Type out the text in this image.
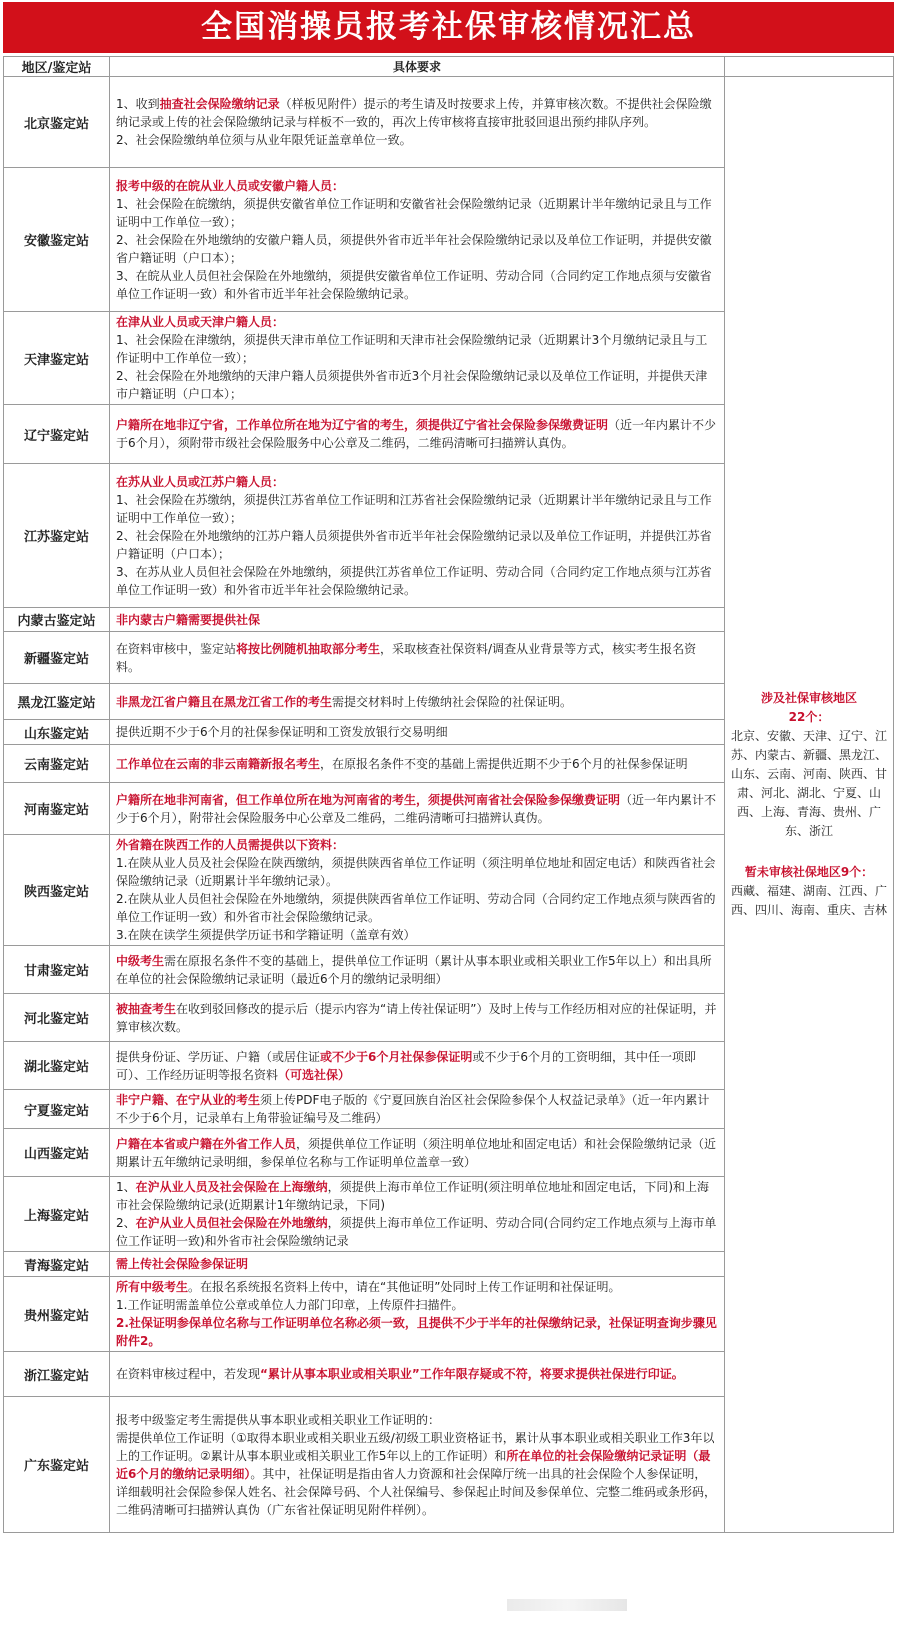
全国消操员报考社保审核情况汇总
地区/鉴定站	具体要求	
北京鉴定站	1、收到抽查社会保险缴纳记录（样板见附件）提示的考生请及时按要求上传，并算审核次数。不提供社会保险缴纳记录或上传的社会保险缴纳记录与样板不一致的，再次上传审核将直接审批驳回退出预约排队序列。
2、社会保险缴纳单位须与从业年限凭证盖章单位一致。	涉及社保审核地区
22个：
北京、安徽、天津、辽宁、江苏、内蒙古、新疆、黑龙江、山东、云南、河南、陕西、甘肃、河北、湖北、宁夏、山西、上海、青海、贵州、广东、浙江
暂未审核社保地区9个：
西藏、福建、湖南、江西、广西、四川、海南、重庆、吉林

安徽鉴定站	报考中级的在皖从业人员或安徽户籍人员：
1、社会保险在皖缴纳，须提供安徽省单位工作证明和安徽省社会保险缴纳记录（近期累计半年缴纳记录且与工作证明中工作单位一致）；
2、社会保险在外地缴纳的安徽户籍人员，须提供外省市近半年社会保险缴纳记录以及单位工作证明，并提供安徽省户籍证明（户口本）；
3、在皖从业人员但社会保险在外地缴纳，须提供安徽省单位工作证明、劳动合同（合同约定工作地点须与安徽省单位工作证明一致）和外省市近半年社会保险缴纳记录。	

天津鉴定站	在津从业人员或天津户籍人员：
1、社会保险在津缴纳，须提供天津市单位工作证明和天津市社会保险缴纳记录（近期累计3个月缴纳记录且与工作证明中工作单位一致）；
2、社会保险在外地缴纳的天津户籍人员须提供外省市近3个月社会保险缴纳记录以及单位工作证明，并提供天津市户籍证明（户口本）；	

辽宁鉴定站	户籍所在地非辽宁省，工作单位所在地为辽宁省的考生，须提供辽宁省社会保险参保缴费证明（近一年内累计不少于6个月），须附带市级社会保险服务中心公章及二维码，二维码清晰可扫描辨认真伪。	

江苏鉴定站	在苏从业人员或江苏户籍人员：
1、社会保险在苏缴纳，须提供江苏省单位工作证明和江苏省社会保险缴纳记录（近期累计半年缴纳记录且与工作证明中工作单位一致）；
2、社会保险在外地缴纳的江苏户籍人员须提供外省市近半年社会保险缴纳记录以及单位工作证明，并提供江苏省户籍证明（户口本）；
3、在苏从业人员但社会保险在外地缴纳，须提供江苏省单位工作证明、劳动合同（合同约定工作地点须与江苏省单位工作证明一致）和外省市近半年社会保险缴纳记录。	

内蒙古鉴定站	非内蒙古户籍需要提供社保	

新疆鉴定站	在资料审核中，鉴定站将按比例随机抽取部分考生，采取核查社保资料/调查从业背景等方式，核实考生报名资料。	

黑龙江鉴定站	非黑龙江省户籍且在黑龙江省工作的考生需提交材料时上传缴纳社会保险的社保证明。	

山东鉴定站	提供近期不少于6个月的社保参保证明和工资发放银行交易明细	

云南鉴定站	工作单位在云南的非云南籍新报名考生，在原报名条件不变的基础上需提供近期不少于6个月的社保参保证明	

河南鉴定站	户籍所在地非河南省，但工作单位所在地为河南省的考生，须提供河南省社会保险参保缴费证明（近一年内累计不少于6个月），附带社会保险服务中心公章及二维码，二维码清晰可扫描辨认真伪。	

陕西鉴定站	外省籍在陕西工作的人员需提供以下资料：
1.在陕从业人员及社会保险在陕西缴纳，须提供陕西省单位工作证明（须注明单位地址和固定电话）和陕西省社会保险缴纳记录（近期累计半年缴纳记录）。
2.在陕从业人员但社会保险在外地缴纳，须提供陕西省单位工作证明、劳动合同（合同约定工作地点须与陕西省的单位工作证明一致）和外省市社会保险缴纳记录。
3.在陕在读学生须提供学历证书和学籍证明（盖章有效）	

甘肃鉴定站	中级考生需在原报名条件不变的基础上，提供单位工作证明（累计从事本职业或相关职业工作5年以上）和出具所在单位的社会保险缴纳记录证明（最近6个月的缴纳记录明细）	

河北鉴定站	被抽查考生在收到驳回修改的提示后（提示内容为“请上传社保证明”）及时上传与工作经历相对应的社保证明，并算审核次数。	

湖北鉴定站	提供身份证、学历证、户籍（或居住证或不少于6个月社保参保证明或不少于6个月的工资明细，其中任一项即可）、工作经历证明等报名资料（可选社保）	

宁夏鉴定站	非宁户籍、在宁从业的考生须上传PDF电子版的《宁夏回族自治区社会保险参保个人权益记录单》（近一年内累计不少于6个月，记录单右上角带验证编号及二维码）	

山西鉴定站	户籍在本省或户籍在外省工作人员，须提供单位工作证明（须注明单位地址和固定电话）和社会保险缴纳记录（近期累计五年缴纳记录明细，参保单位名称与工作证明单位盖章一致）	

上海鉴定站	1、在沪从业人员及社会保险在上海缴纳，须提供上海市单位工作证明(须注明单位地址和固定电话，下同)和上海市社会保险缴纳记录(近期累计1年缴纳记录，下同)
2、在沪从业人员但社会保险在外地缴纳，须提供上海市单位工作证明、劳动合同(合同约定工作地点须与上海市单位工作证明一致)和外省市社会保险缴纳记录	

青海鉴定站	需上传社会保险参保证明	

贵州鉴定站	所有中级考生。在报名系统报名资料上传中，请在“其他证明”处同时上传工作证明和社保证明。
1.工作证明需盖单位公章或单位人力部门印章，上传原件扫描件。
2.社保证明参保单位名称与工作证明单位名称必须一致，且提供不少于半年的社保缴纳记录，社保证明查询步骤见附件2。	

浙江鉴定站	在资料审核过程中，若发现“累计从事本职业或相关职业”工作年限存疑或不符，将要求提供社保进行印证。	

广东鉴定站	报考中级鉴定考生需提供从事本职业或相关职业工作证明的：
需提供单位工作证明（①取得本职业或相关职业五级/初级工职业资格证书，累计从事本职业或相关职业工作3年以上的工作证明。②累计从事本职业或相关职业工作5年以上的工作证明）和所在单位的社会保险缴纳记录证明（最近6个月的缴纳记录明细）。其中，社保证明是指由省人力资源和社会保障厅统一出具的社会保险个人参保证明，详细载明社会保险参保人姓名、社会保障号码、个人社保编号、参保起止时间及参保单位、完整二维码或条形码，二维码清晰可扫描辨认真伪（广东省社保证明见附件样例）。	
